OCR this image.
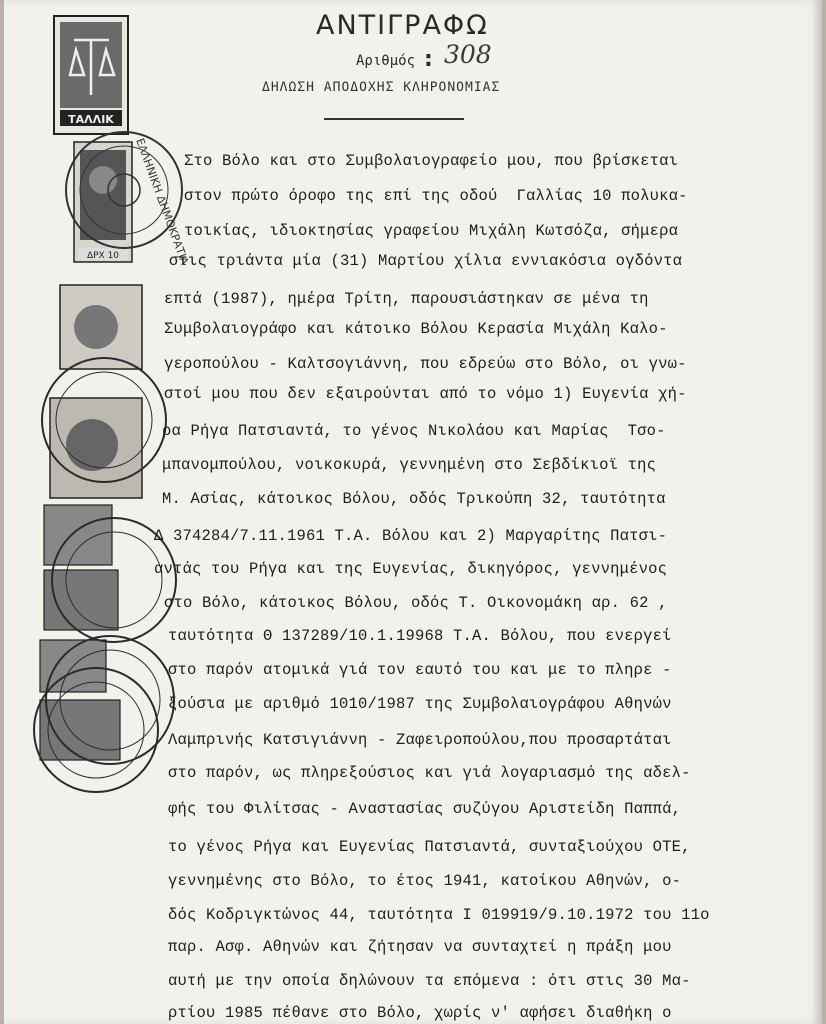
ΑΝΤΙΓΡΑΦΩ
Αριθμός : 308
ΔΗΛΩΣΗ ΑΠΟΔΟΧΗΣ ΚΛΗΡΟΝΟΜΙΑΣ
ΤΑΛΛΙΚ
ΔΡΧ 10 ΕΛΛΗΝΙΚΗ ΔΗΜΟΚΡΑΤΙΑ
Στο Βόλο και στο Συμβολαιογραφείο μου, που βρίσκεται
στον πρώτο όροφο της επί της οδού  Γαλλίας 10 πολυκα-
τοικίας, ιδιοκτησίας γραφείου Μιχάλη Κωτσόζα, σήμερα
στις τριάντα μία (31) Μαρτίου χίλια εννιακόσια ογδόντα
επτά (1987), ημέρα Τρίτη, παρουσιάστηκαν σε μένα τη
Συμβολαιογράφο και κάτοικο Βόλου Κερασία Μιχάλη Καλο-
γεροπούλου - Καλτσογιάννη, που εδρεύω στο Βόλο, οι γνω-
στοί μου που δεν εξαιρούνται από το νόμο 1) Ευγενία χή-
ρα Ρήγα Πατσιαντά, το γένος Νικολάου και Μαρίας  Τσο-
μπανομπούλου, νοικοκυρά, γεννημένη στο Σεβδίκιοϊ της
Μ. Ασίας, κάτοικος Βόλου, οδός Τρικούπη 32, ταυτότητα
Δ 374284/7.11.1961 Τ.Α. Βόλου και 2) Μαργαρίτης Πατσι-
αντάς του Ρήγα και της Ευγενίας, δικηγόρος, γεννημένος
στο Βόλο, κάτοικος Βόλου, οδός Τ. Οικονομάκη αρ. 62 ,
ταυτότητα Θ 137289/10.1.19968 Τ.Α. Βόλου, που ενεργεί
στο παρόν ατομικά γιά τον εαυτό του και με το πληρε -
ξούσια με αριθμό 1010/1987 της Συμβολαιογράφου Αθηνών
Λαμπρινής Κατσιγιάννη - Ζαφειροπούλου,που προσαρτάται
στο παρόν, ως πληρεξούσιος και γιά λογαριασμό της αδελ-
φής του Φιλίτσας - Αναστασίας συζύγου Αριστείδη Παππά,
το γένος Ρήγα και Ευγενίας Πατσιαντά, συνταξιούχου ΟΤΕ,
γεννημένης στο Βόλο, το έτος 1941, κατοίκου Αθηνών, ο-
δός Κοδριγκτώνος 44, ταυτότητα Ι 019919/9.10.1972 του 11ο
παρ. Ασφ. Αθηνών και ζήτησαν να συνταχτεί η πράξη μου
αυτή με την οποία δηλώνουν τα επόμενα : ότι στις 30 Μα-
ρτίου 1985 πέθανε στο Βόλο, χωρίς ν' αφήσει διαθήκη ο
